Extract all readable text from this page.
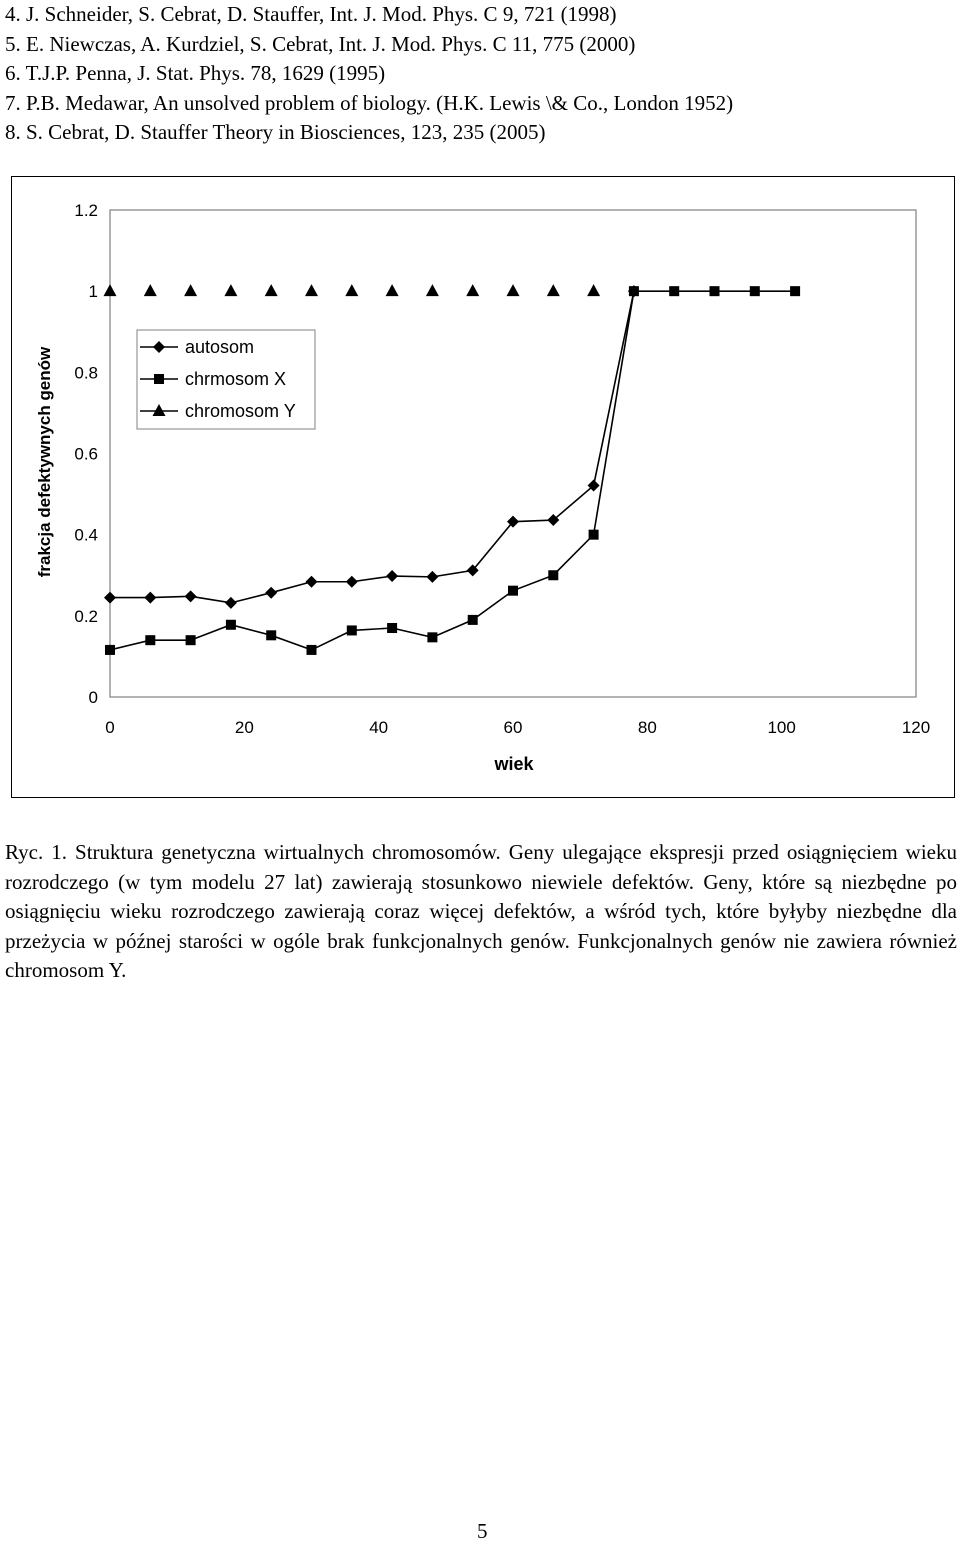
4. J. Schneider, S. Cebrat, D. Stauffer, Int. J. Mod. Phys. C 9, 721 (1998)
5. E. Niewczas, A. Kurdziel, S. Cebrat, Int. J. Mod. Phys. C 11, 775 (2000)
6. T.J.P. Penna, J. Stat. Phys. 78, 1629 (1995)
7. P.B. Medawar, An unsolved problem of biology. (H.K. Lewis \& Co., London 1952)
8. S. Cebrat, D. Stauffer Theory in Biosciences, 123, 235 (2005)
0
0.2
0.4
0.6
0.8
1
1.2
0	20	40	60	80	100	120
wiek
frakcja defektywnych genów	autosom
chrmosom X
chromosom Y
Ryc. 1. Struktura genetyczna wirtualnych chromosomów. Geny ulegające ekspresji przed osiągnięciem wieku rozrodczego (w tym modelu 27 lat) zawierają stosunkowo niewiele defektów. Geny, które są niezbędne po osiągnięciu wieku rozrodczego zawierają coraz więcej defektów, a wśród tych, które byłyby niezbędne dla przeżycia w późnej starości w ogóle brak funkcjonalnych genów. Funkcjonalnych genów nie zawiera również chromosom Y.
5
